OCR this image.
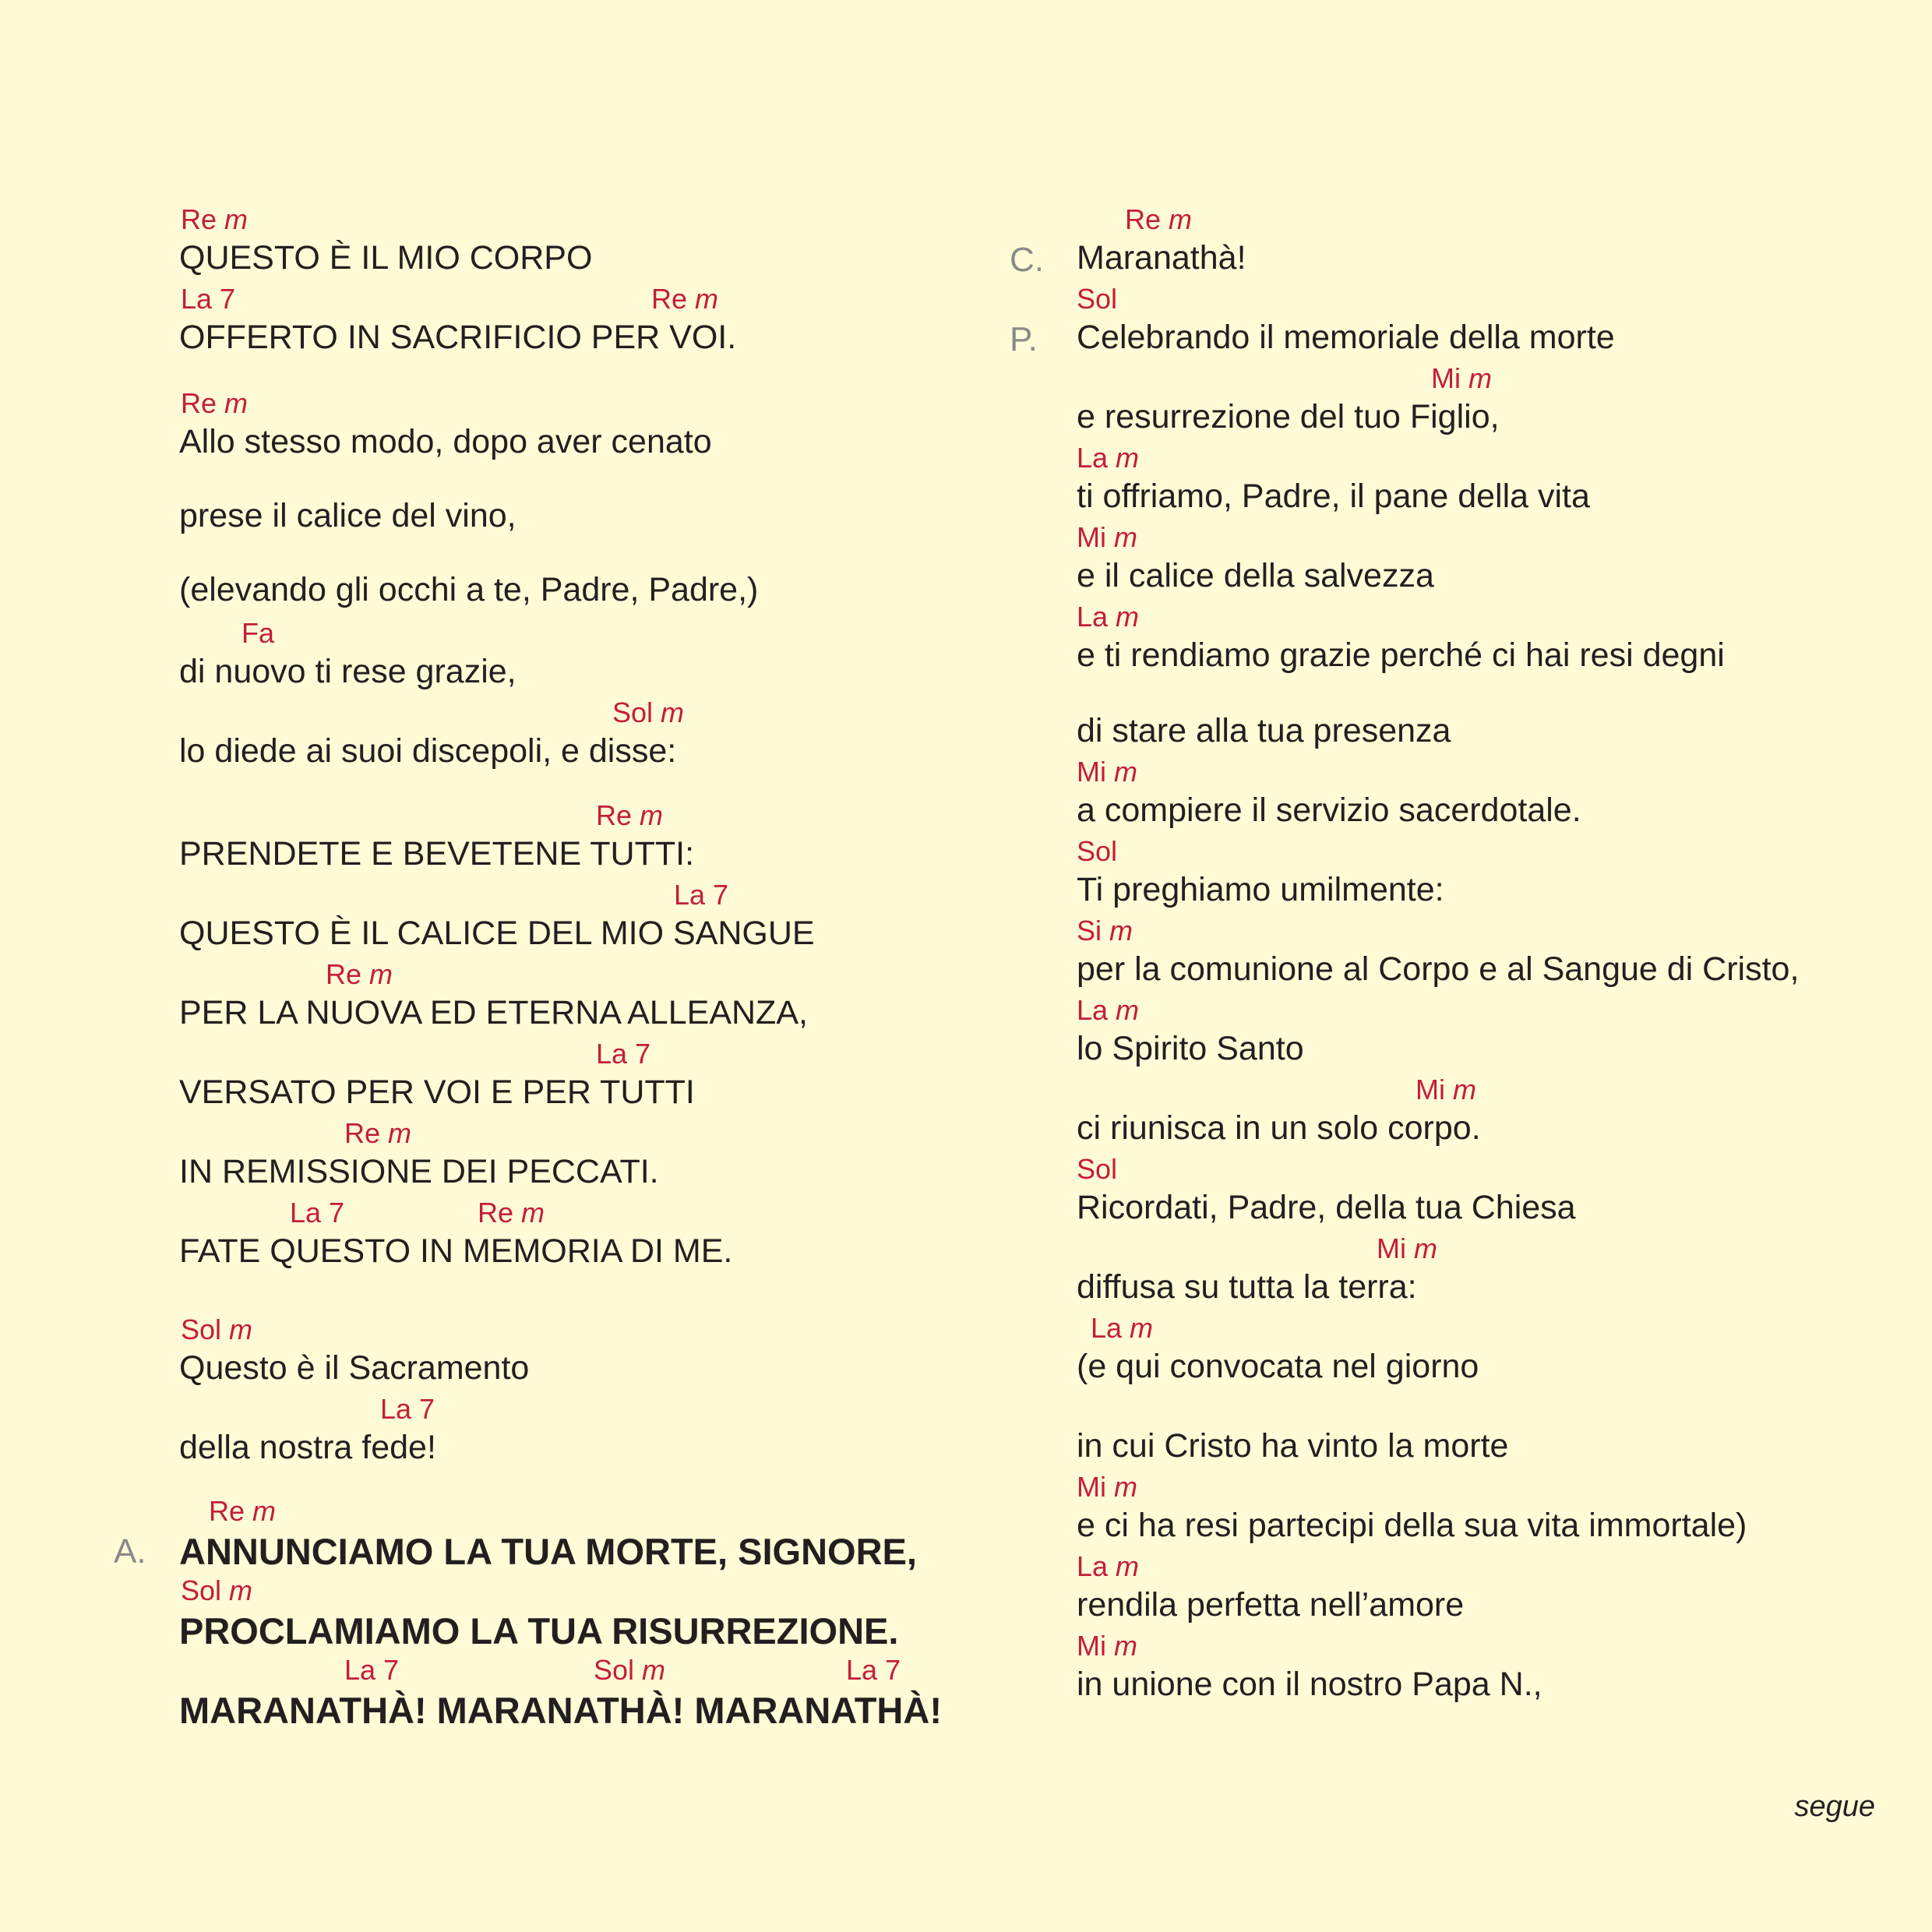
QUESTO È IL MIO CORPO
Re m
OFFERTO IN SACRIFICIO PER VOI.
La 7	Re m
Allo stesso modo, dopo aver cenato
Re m
prese il calice del vino,
(elevando gli occhi a te, Padre, Padre,)
di nuovo ti rese grazie,
Fa
lo diede ai suoi discepoli, e disse:
Sol m
PRENDETE E BEVETENE TUTTI:
Re m
QUESTO È IL CALICE DEL MIO SANGUE
La 7
PER LA NUOVA ED ETERNA ALLEANZA,
Re m
VERSATO PER VOI E PER TUTTI
La 7
IN REMISSIONE DEI PECCATI.
Re m
FATE QUESTO IN MEMORIA DI ME.
La 7	Re m
Questo è il Sacramento
Sol m
della nostra fede!
La 7
ANNUNCIAMO LA TUA MORTE, SIGNORE,
A.
Re m
PROCLAMIAMO LA TUA RISURREZIONE.
Sol m
MARANATHÀ! MARANATHÀ! MARANATHÀ!
La 7	Sol m	La 7
Maranathà!
C.
Re m
Celebrando il memoriale della morte
P.
Sol
e resurrezione del tuo Figlio,
Mi m
ti offriamo, Padre, il pane della vita
La m
e il calice della salvezza
Mi m
e ti rendiamo grazie perché ci hai resi degni
La m
di stare alla tua presenza
a compiere il servizio sacerdotale.
Mi m
Ti preghiamo umilmente:
Sol
per la comunione al Corpo e al Sangue di Cristo,
Si m
lo Spirito Santo
La m
ci riunisca in un solo corpo.
Mi m
Ricordati, Padre, della tua Chiesa
Sol
diffusa su tutta la terra:
Mi m
(e qui convocata nel giorno
La m
in cui Cristo ha vinto la morte
e ci ha resi partecipi della sua vita immortale)
Mi m
rendila perfetta nell’amore
La m
in unione con il nostro Papa N.,
Mi m
segue
